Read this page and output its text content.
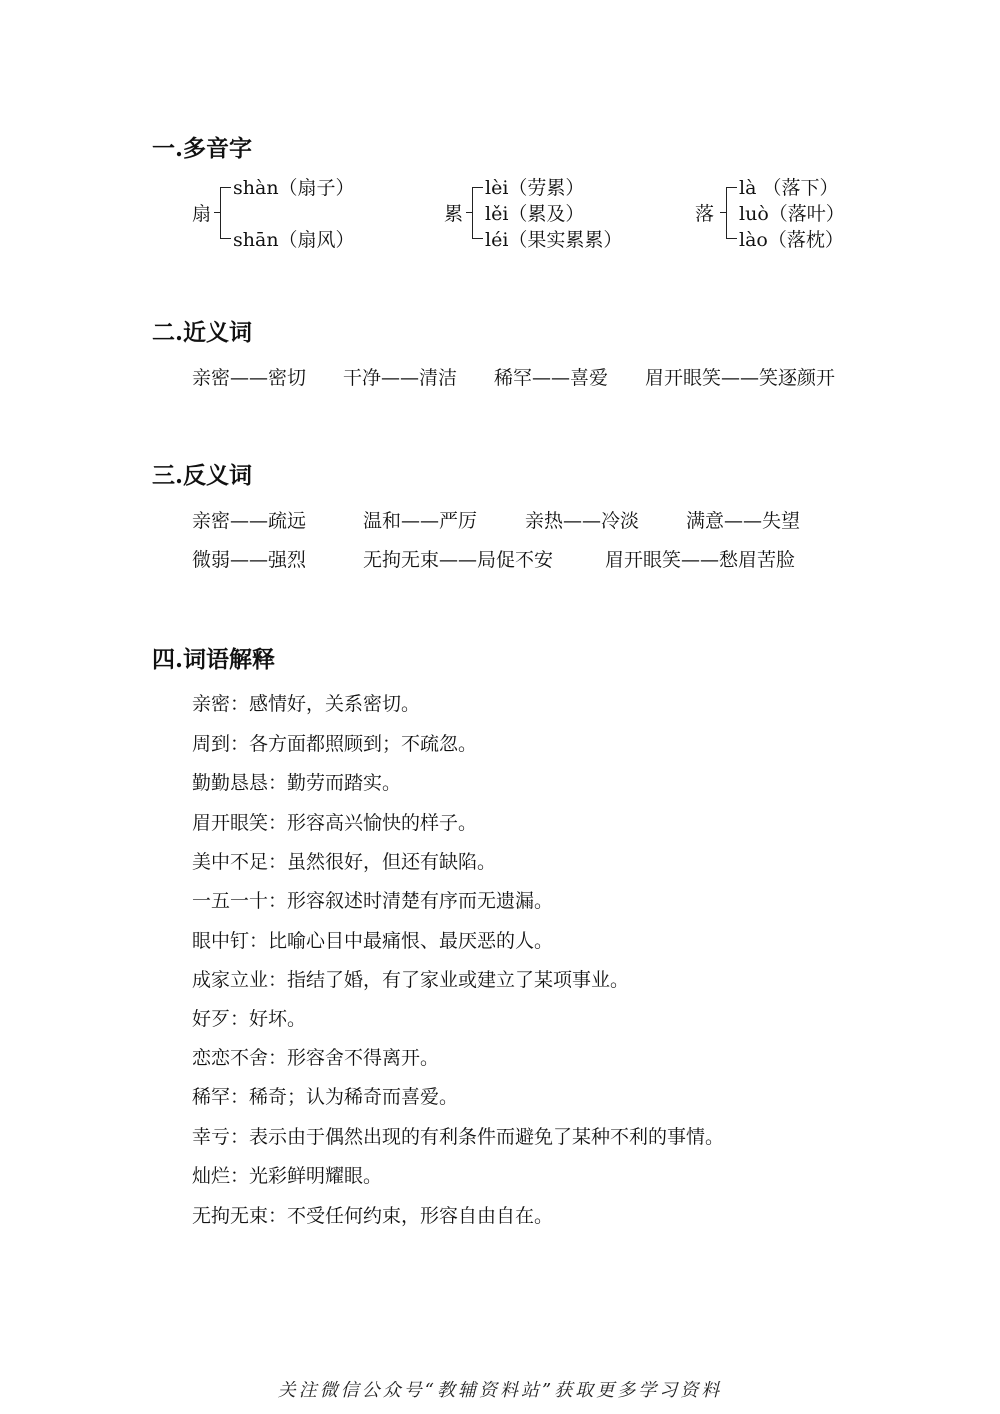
一.多音字
扇
shàn（扇子）
shān（扇风）
累
lèi（劳累）
lěi（累及）
léi（果实累累）
落
là （落下）
luò（落叶）
lào（落枕）
二.近义词
亲密——密切 干净——清洁 稀罕——喜爱 眉开眼笑——笑逐颜开
三.反义词
亲密——疏远	温和——严厉	亲热——冷淡 满意——失望
微弱——强烈	无拘无束——局促不安	眉开眼笑——愁眉苦脸
四.词语解释
亲密：感情好，关系密切。
周到：各方面都照顾到；不疏忽。
勤勤恳恳：勤劳而踏实。
眉开眼笑：形容高兴愉快的样子。
美中不足：虽然很好，但还有缺陷。
一五一十：形容叙述时清楚有序而无遗漏。
眼中钉：比喻心目中最痛恨、最厌恶的人。
成家立业：指结了婚，有了家业或建立了某项事业。
好歹：好坏。
恋恋不舍：形容舍不得离开。
稀罕：稀奇；认为稀奇而喜爱。
幸亏：表示由于偶然出现的有利条件而避免了某种不利的事情。
灿烂：光彩鲜明耀眼。
无拘无束：不受任何约束，形容自由自在。
关注微信公众号“教辅资料站”获取更多学习资料
